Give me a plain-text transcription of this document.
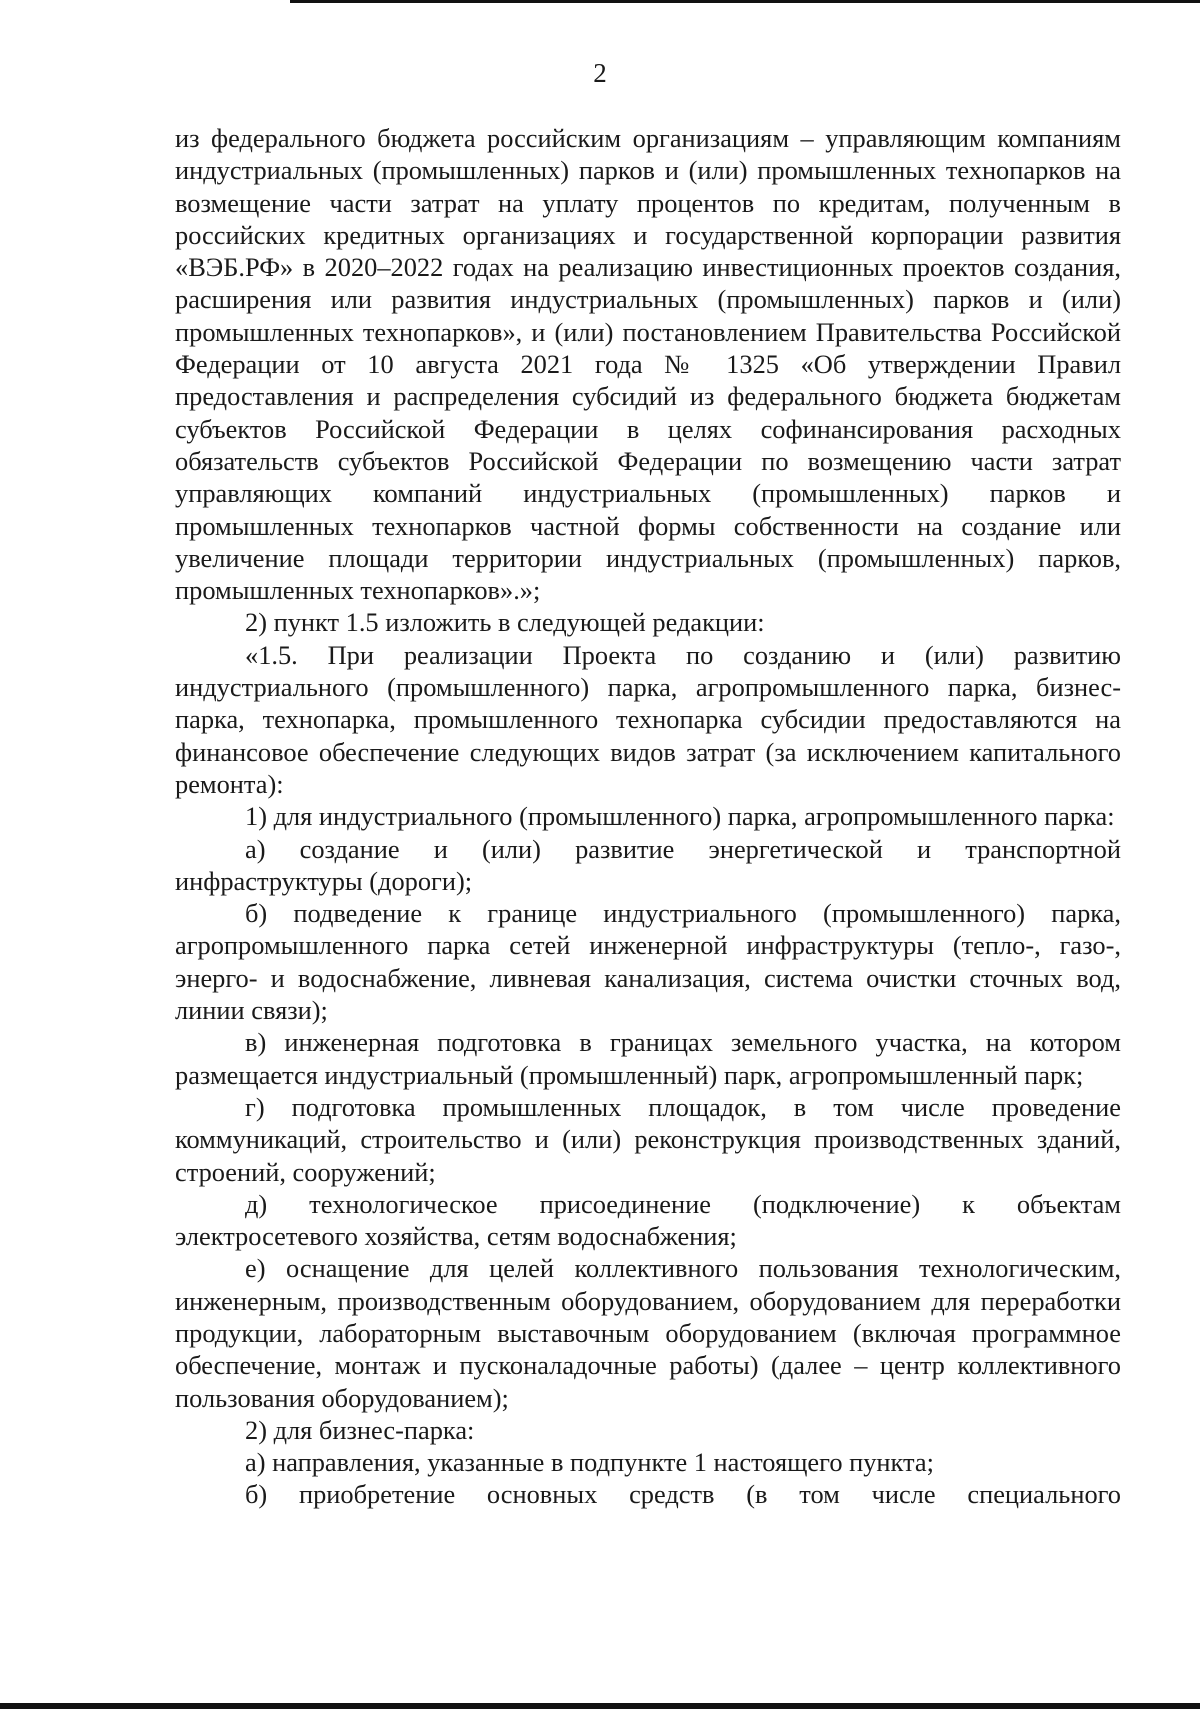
2

из федерального бюджета российским организациям – управляющим компаниям индустриальных (промышленных) парков и (или) промышленных технопарков на возмещение части затрат на уплату процентов по кредитам, полученным в российских кредитных организациях и государственной корпорации развития «ВЭБ.РФ» в 2020–2022 годах на реализацию инвестиционных проектов создания, расширения или развития индустриальных (промышленных) парков и (или) промышленных технопарков», и (или) постановлением Правительства Российской Федерации от 10 августа 2021 года № 1325 «Об утверждении Правил предоставления и распределения субсидий из федерального бюджета бюджетам субъектов Российской Федерации в целях софинансирования расходных обязательств субъектов Российской Федерации по возмещению части затрат управляющих компаний индустриальных (промышленных) парков и промышленных технопарков частной формы собственности на создание или увеличение площади территории индустриальных (промышленных) парков, промышленных технопарков».»;

2) пункт 1.5 изложить в следующей редакции:

«1.5. При реализации Проекта по созданию и (или) развитию индустриального (промышленного) парка, агропромышленного парка, бизнес-парка, технопарка, промышленного технопарка субсидии предоставляются на финансовое обеспечение следующих видов затрат (за исключением капитального ремонта):

1) для индустриального (промышленного) парка, агропромышленного парка:

а) создание и (или) развитие энергетической и транспортной инфраструктуры (дороги);

б) подведение к границе индустриального (промышленного) парка, агропромышленного парка сетей инженерной инфраструктуры (тепло-, газо-, энерго- и водоснабжение, ливневая канализация, система очистки сточных вод, линии связи);

в) инженерная подготовка в границах земельного участка, на котором размещается индустриальный (промышленный) парк, агропромышленный парк;

г) подготовка промышленных площадок, в том числе проведение коммуникаций, строительство и (или) реконструкция производственных зданий, строений, сооружений;

д) технологическое присоединение (подключение) к объектам электросетевого хозяйства, сетям водоснабжения;

е) оснащение для целей коллективного пользования технологическим, инженерным, производственным оборудованием, оборудованием для переработки продукции, лабораторным выставочным оборудованием (включая программное обеспечение, монтаж и пусконаладочные работы) (далее – центр коллективного пользования оборудованием);

2) для бизнес-парка:

а) направления, указанные в подпункте 1 настоящего пункта;

б) приобретение основных средств (в том числе специального
